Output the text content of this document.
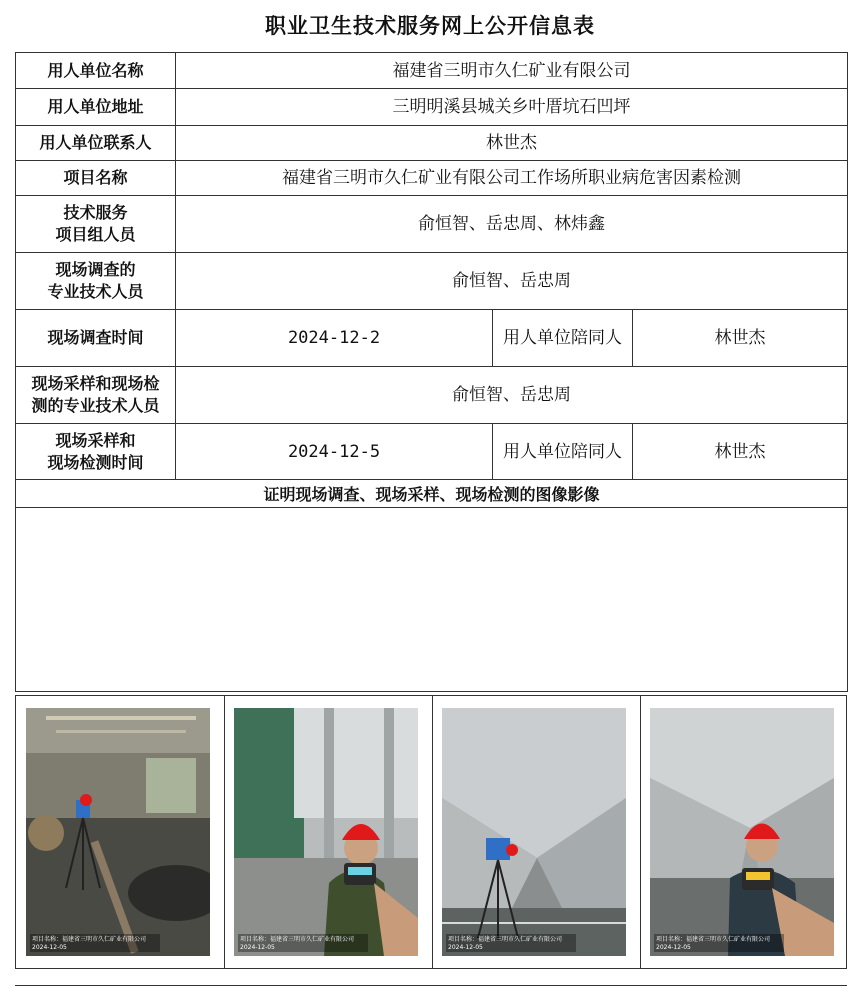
职业卫生技术服务网上公开信息表
用人单位名称	福建省三明市久仁矿业有限公司		
用人单位地址	三明明溪县城关乡叶厝坑石凹坪		
用人单位联系人	林世杰		
项目名称	福建省三明市久仁矿业有限公司工作场所职业病危害因素检测		

技术服务
项目组人员	俞恒智、岳忠周、林炜鑫		

现场调查的
专业技术人员	俞恒智、岳忠周		
现场调查时间	2024-12-2	用人单位陪同人	林世杰

现场采样和现场检
测的专业技术人员	俞恒智、岳忠周		

现场采样和
现场检测时间	2024-12-5	用人单位陪同人	林世杰
证明现场调查、现场采样、现场检测的图像影像			

项目名称：福建省三明市久仁矿业有限公司
2024-12-05
项目名称：福建省三明市久仁矿业有限公司
2024-12-05
项目名称：福建省三明市久仁矿业有限公司
2024-12-05
项目名称：福建省三明市久仁矿业有限公司
2024-12-05
